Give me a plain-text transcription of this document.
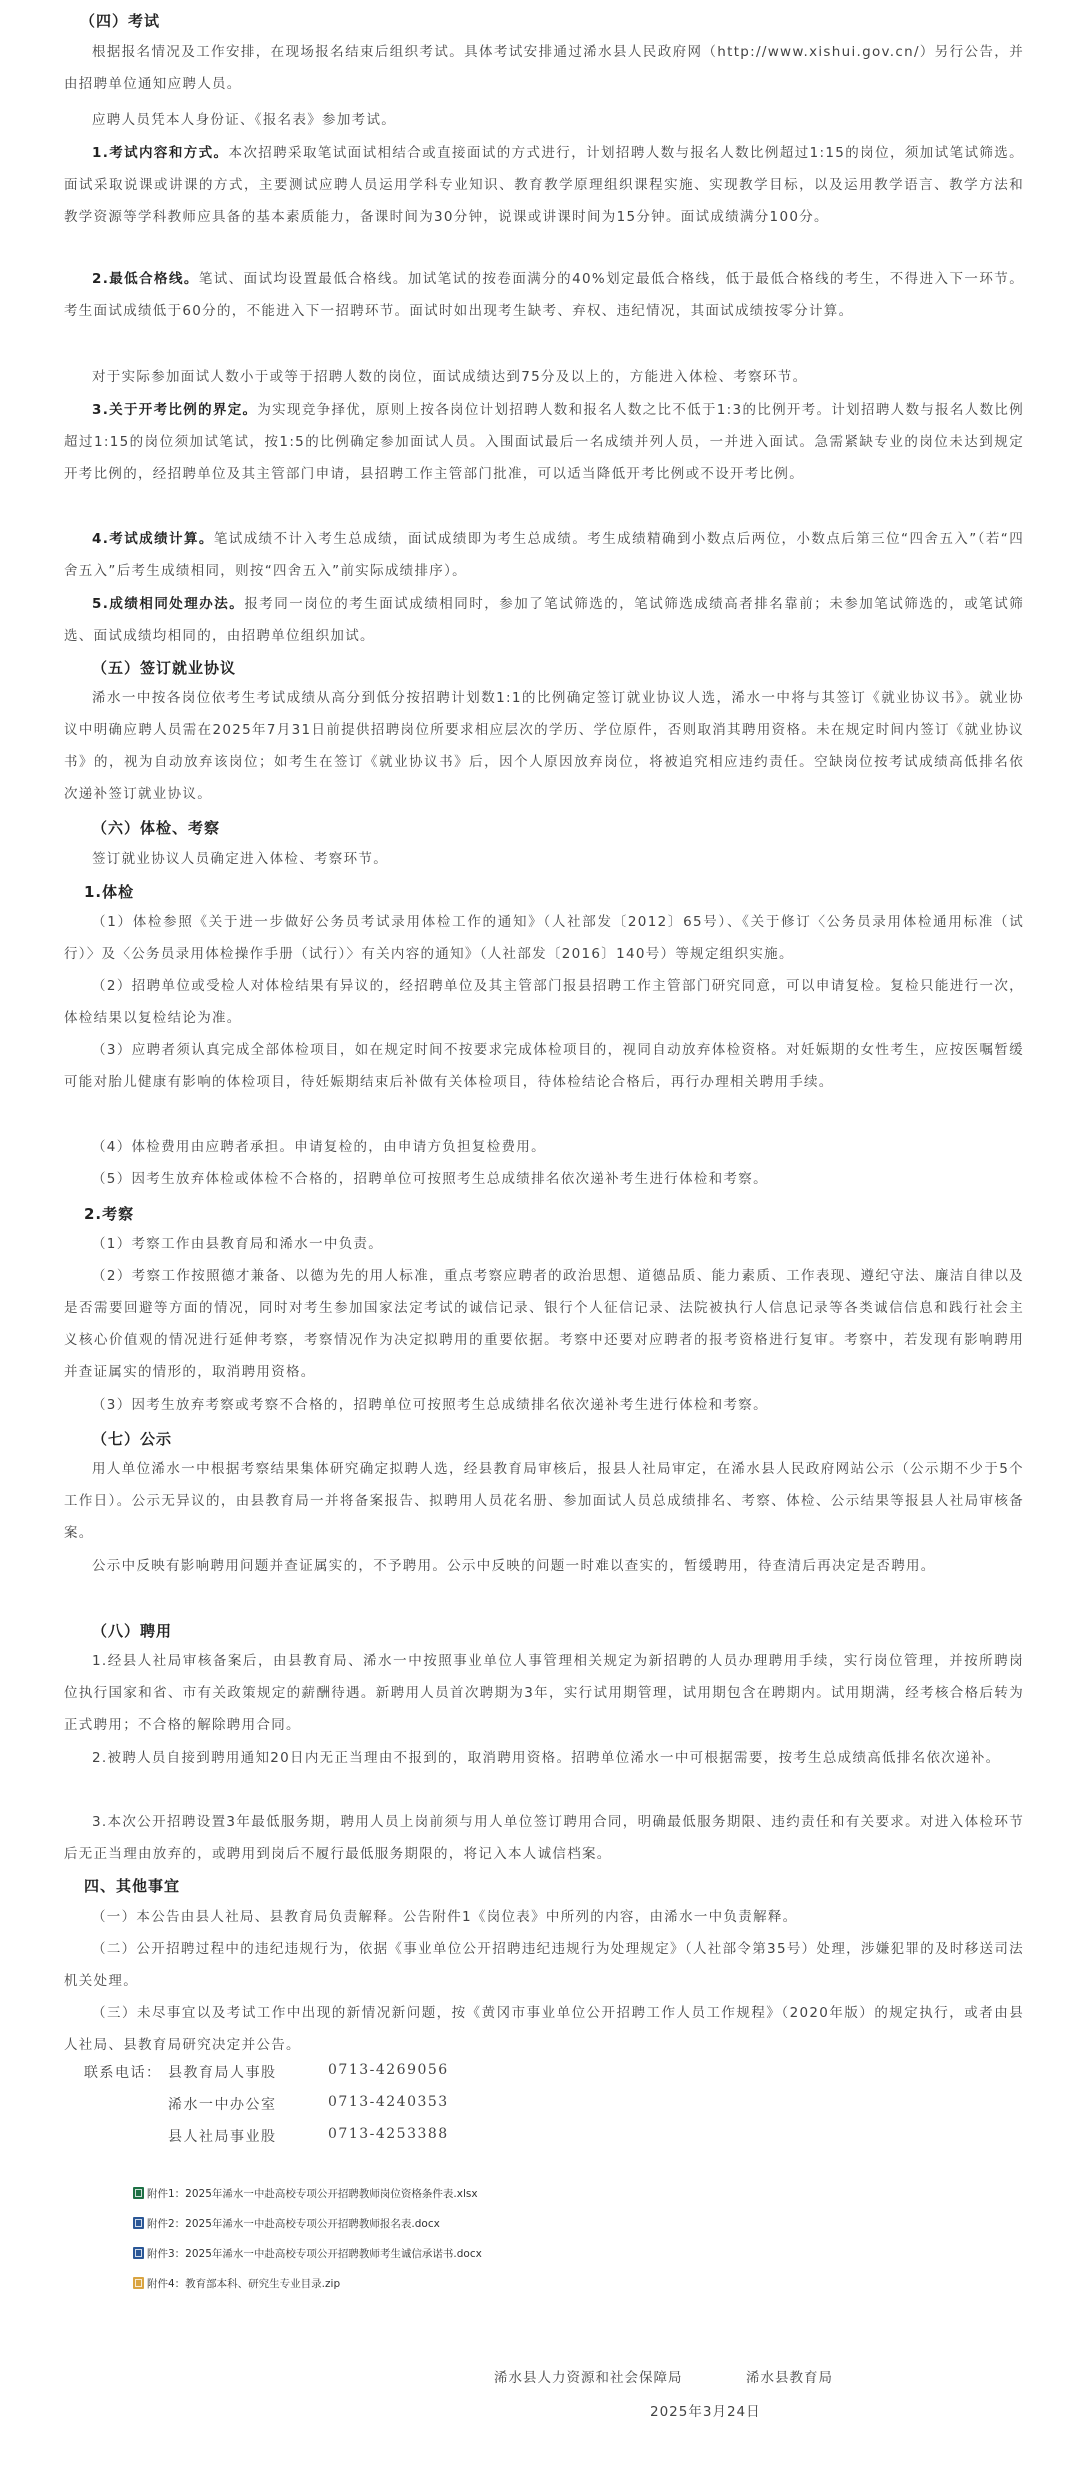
（四）考试
根据报名情况及工作安排，在现场报名结束后组织考试。具体考试安排通过浠水县人民政府网（http://www.xishui.gov.cn/）另行公告，并由招聘单位通知应聘人员。
应聘人员凭本人身份证、《报名表》参加考试。
1.考试内容和方式。本次招聘采取笔试面试相结合或直接面试的方式进行，计划招聘人数与报名人数比例超过1:15的岗位，须加试笔试筛选。面试采取说课或讲课的方式，主要测试应聘人员运用学科专业知识、教育教学原理组织课程实施、实现教学目标，以及运用教学语言、教学方法和教学资源等学科教师应具备的基本素质能力，备课时间为30分钟，说课或讲课时间为15分钟。面试成绩满分100分。
2.最低合格线。笔试、面试均设置最低合格线。加试笔试的按卷面满分的40%划定最低合格线，低于最低合格线的考生，不得进入下一环节。考生面试成绩低于60分的，不能进入下一招聘环节。面试时如出现考生缺考、弃权、违纪情况，其面试成绩按零分计算。
对于实际参加面试人数小于或等于招聘人数的岗位，面试成绩达到75分及以上的，方能进入体检、考察环节。
3.关于开考比例的界定。为实现竞争择优，原则上按各岗位计划招聘人数和报名人数之比不低于1:3的比例开考。计划招聘人数与报名人数比例超过1:15的岗位须加试笔试，按1:5的比例确定参加面试人员。入围面试最后一名成绩并列人员，一并进入面试。急需紧缺专业的岗位未达到规定开考比例的，经招聘单位及其主管部门申请，县招聘工作主管部门批准，可以适当降低开考比例或不设开考比例。
4.考试成绩计算。笔试成绩不计入考生总成绩，面试成绩即为考生总成绩。考生成绩精确到小数点后两位，小数点后第三位“四舍五入”（若“四舍五入”后考生成绩相同，则按“四舍五入”前实际成绩排序）。
5.成绩相同处理办法。报考同一岗位的考生面试成绩相同时，参加了笔试筛选的，笔试筛选成绩高者排名靠前；未参加笔试筛选的，或笔试筛选、面试成绩均相同的，由招聘单位组织加试。
（五）签订就业协议
浠水一中按各岗位依考生考试成绩从高分到低分按招聘计划数1:1的比例确定签订就业协议人选，浠水一中将与其签订《就业协议书》。就业协议中明确应聘人员需在2025年7月31日前提供招聘岗位所要求相应层次的学历、学位原件，否则取消其聘用资格。未在规定时间内签订《就业协议书》的，视为自动放弃该岗位；如考生在签订《就业协议书》后，因个人原因放弃岗位，将被追究相应违约责任。空缺岗位按考试成绩高低排名依次递补签订就业协议。
（六）体检、考察
签订就业协议人员确定进入体检、考察环节。
1.体检
（1）体检参照《关于进一步做好公务员考试录用体检工作的通知》（人社部发〔2012〕65号）、《关于修订〈公务员录用体检通用标准（试行）〉及〈公务员录用体检操作手册（试行）〉有关内容的通知》（人社部发〔2016〕140号）等规定组织实施。
（2）招聘单位或受检人对体检结果有异议的，经招聘单位及其主管部门报县招聘工作主管部门研究同意，可以申请复检。复检只能进行一次，体检结果以复检结论为准。
（3）应聘者须认真完成全部体检项目，如在规定时间不按要求完成体检项目的，视同自动放弃体检资格。对妊娠期的女性考生，应按医嘱暂缓可能对胎儿健康有影响的体检项目，待妊娠期结束后补做有关体检项目，待体检结论合格后，再行办理相关聘用手续。
（4）体检费用由应聘者承担。申请复检的，由申请方负担复检费用。
（5）因考生放弃体检或体检不合格的，招聘单位可按照考生总成绩排名依次递补考生进行体检和考察。
2.考察
（1）考察工作由县教育局和浠水一中负责。
（2）考察工作按照德才兼备、以德为先的用人标准，重点考察应聘者的政治思想、道德品质、能力素质、工作表现、遵纪守法、廉洁自律以及是否需要回避等方面的情况，同时对考生参加国家法定考试的诚信记录、银行个人征信记录、法院被执行人信息记录等各类诚信信息和践行社会主义核心价值观的情况进行延伸考察，考察情况作为决定拟聘用的重要依据。考察中还要对应聘者的报考资格进行复审。考察中，若发现有影响聘用并查证属实的情形的，取消聘用资格。
（3）因考生放弃考察或考察不合格的，招聘单位可按照考生总成绩排名依次递补考生进行体检和考察。
（七）公示
用人单位浠水一中根据考察结果集体研究确定拟聘人选，经县教育局审核后，报县人社局审定，在浠水县人民政府网站公示（公示期不少于5个工作日）。公示无异议的，由县教育局一并将备案报告、拟聘用人员花名册、参加面试人员总成绩排名、考察、体检、公示结果等报县人社局审核备案。
公示中反映有影响聘用问题并查证属实的，不予聘用。公示中反映的问题一时难以查实的，暂缓聘用，待查清后再决定是否聘用。
（八）聘用
1.经县人社局审核备案后，由县教育局、浠水一中按照事业单位人事管理相关规定为新招聘的人员办理聘用手续，实行岗位管理，并按所聘岗位执行国家和省、市有关政策规定的薪酬待遇。新聘用人员首次聘期为3年，实行试用期管理，试用期包含在聘期内。试用期满，经考核合格后转为正式聘用；不合格的解除聘用合同。
2.被聘人员自接到聘用通知20日内无正当理由不报到的，取消聘用资格。招聘单位浠水一中可根据需要，按考生总成绩高低排名依次递补。
3.本次公开招聘设置3年最低服务期，聘用人员上岗前须与用人单位签订聘用合同，明确最低服务期限、违约责任和有关要求。对进入体检环节后无正当理由放弃的，或聘用到岗后不履行最低服务期限的，将记入本人诚信档案。
四、其他事宜
（一）本公告由县人社局、县教育局负责解释。公告附件1《岗位表》中所列的内容，由浠水一中负责解释。
（二）公开招聘过程中的违纪违规行为，依据《事业单位公开招聘违纪违规行为处理规定》（人社部令第35号）处理，涉嫌犯罪的及时移送司法机关处理。
（三）未尽事宜以及考试工作中出现的新情况新问题，按《黄冈市事业单位公开招聘工作人员工作规程》（2020年版）的规定执行，或者由县人社局、县教育局研究决定并公告。
联系电话： 县教育局人事股	0713-4269056
浠水一中办公室	0713-4240353
县人社局事业股	0713-4253388
附件1：2025年浠水一中赴高校专项公开招聘教师岗位资格条件表.xlsx
附件2：2025年浠水一中赴高校专项公开招聘教师报名表.docx
附件3：2025年浠水一中赴高校专项公开招聘教师考生诚信承诺书.docx
附件4：教育部本科、研究生专业目录.zip
浠水县人力资源和社会保障局	浠水县教育局
2025年3月24日
